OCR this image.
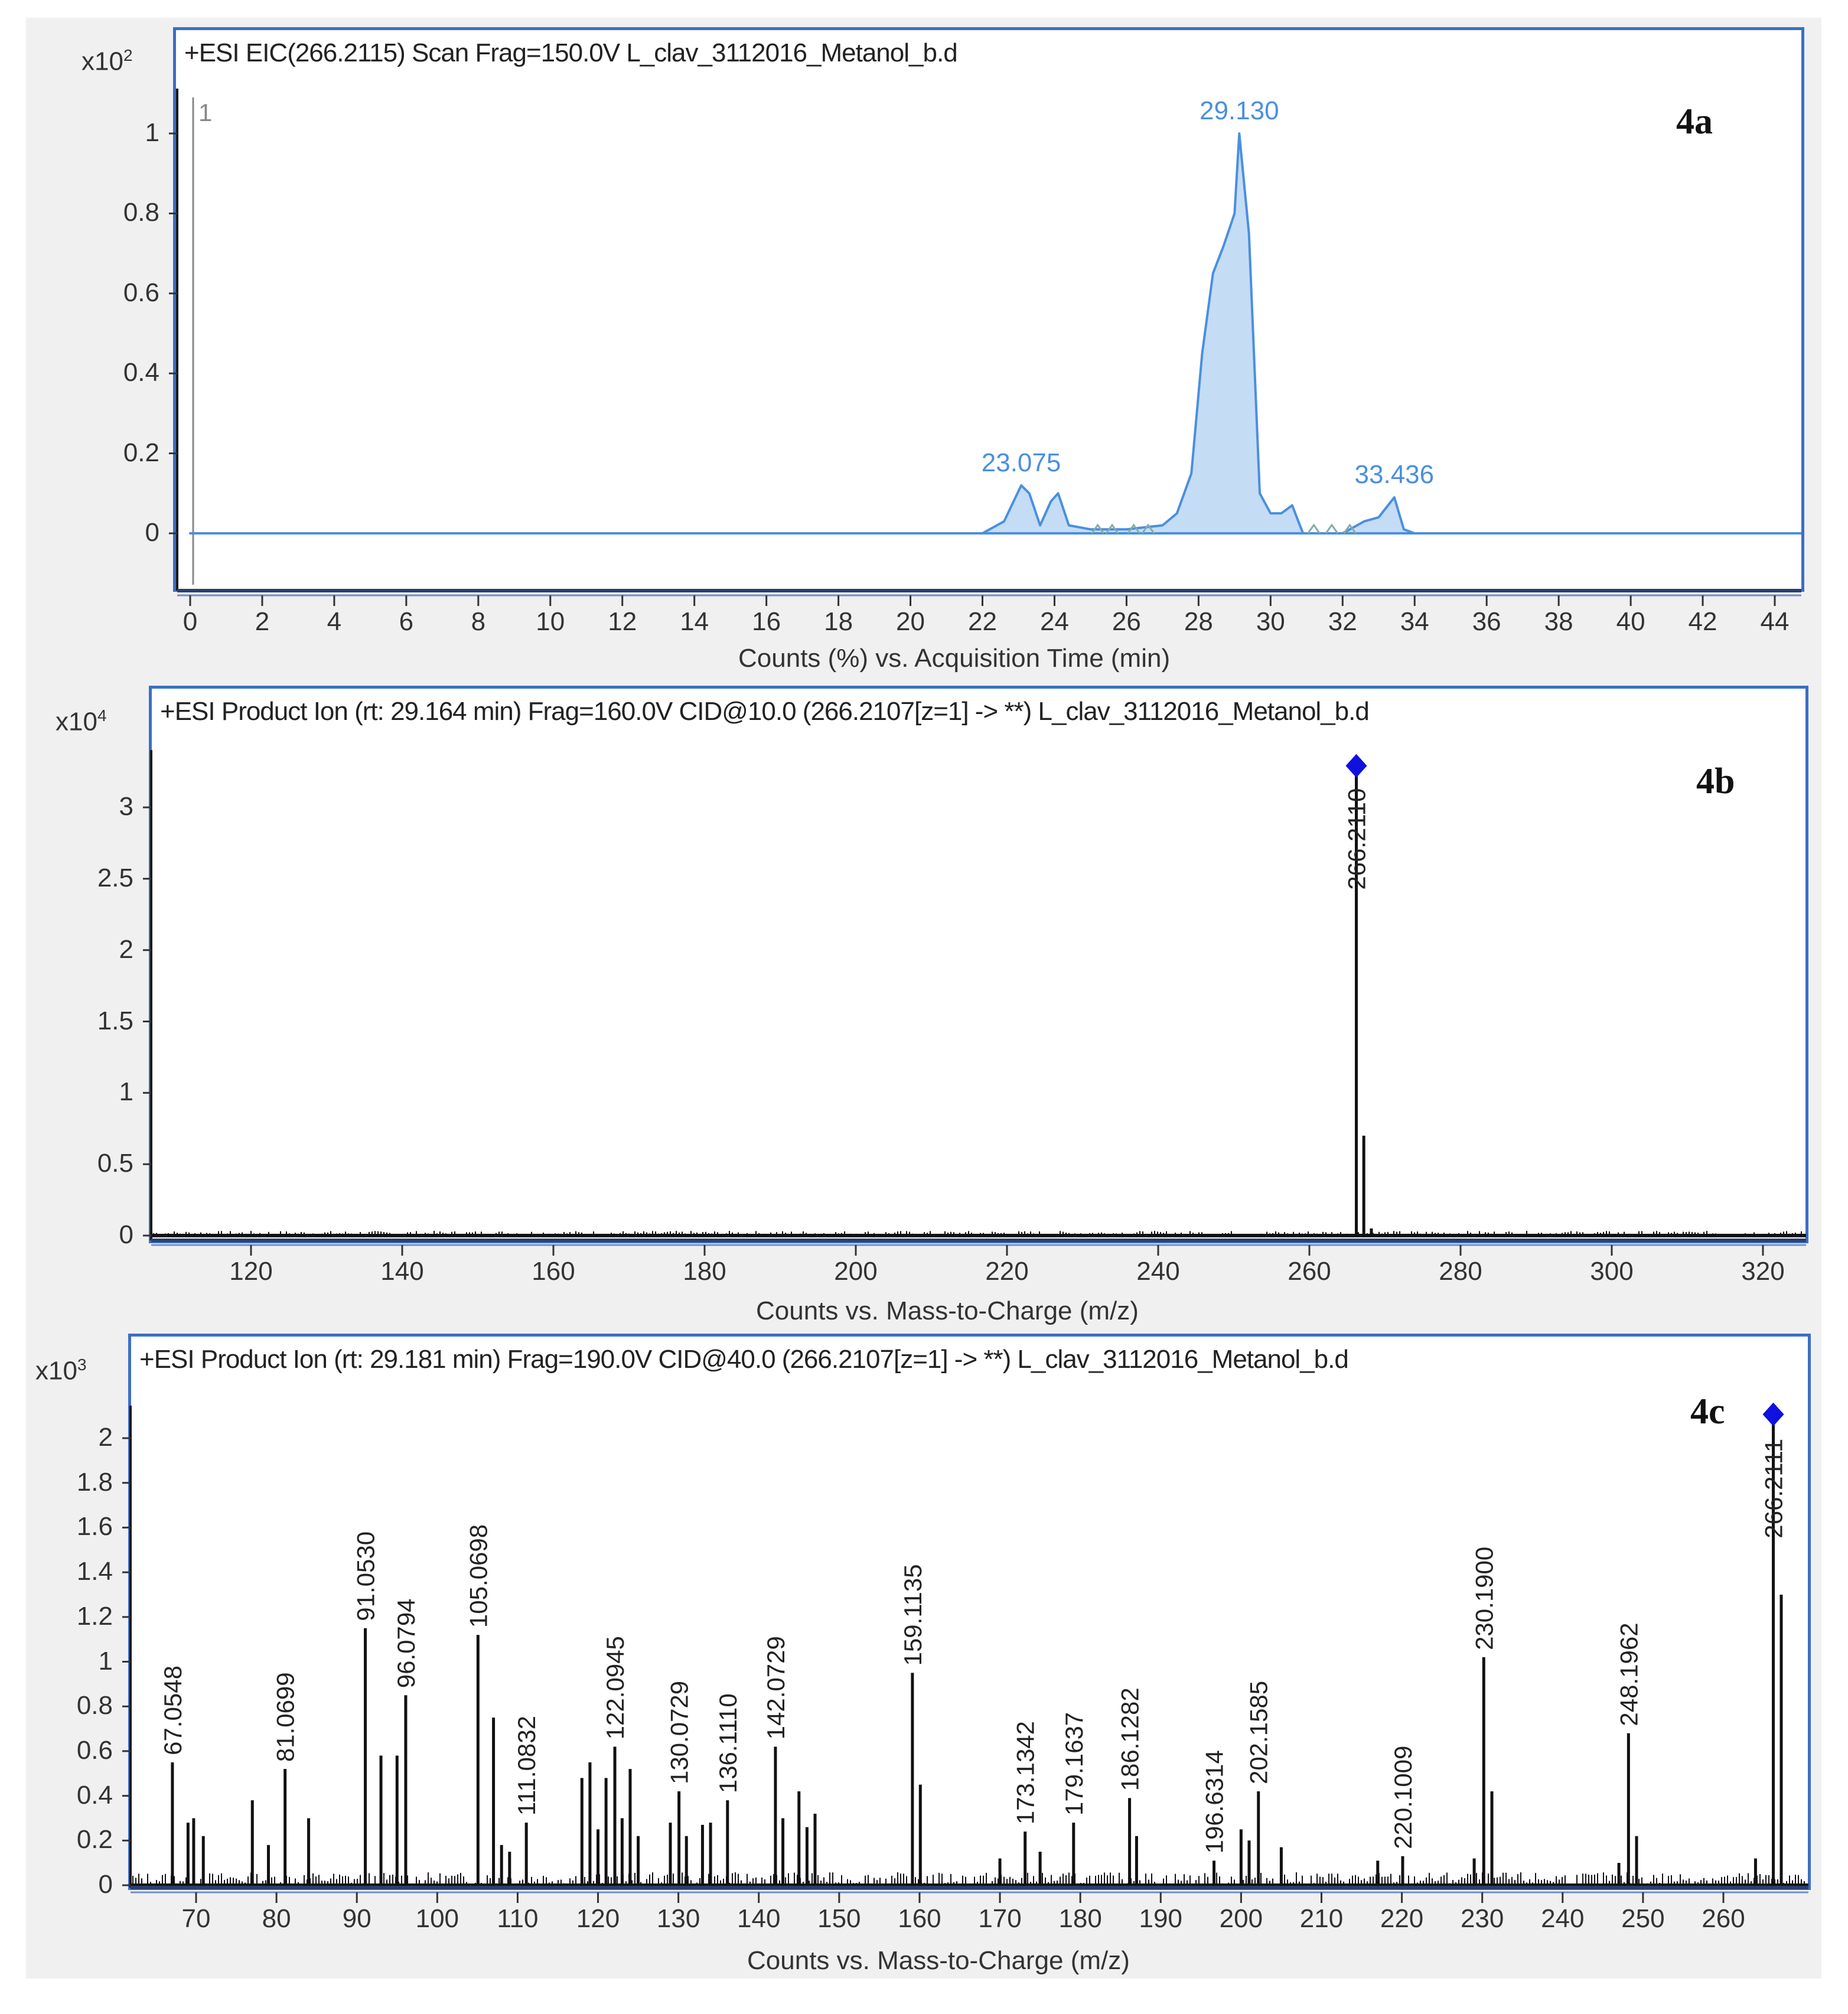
$x10^2 +ESI$ EIC(266.2115) Scan Frag=150.0V L_clav_3112016_Metanol_b.d
4a
1
23.075
29.130
33.436
1
0.8
0.6
0.4
0.2
0
0	2	4	6	8	10	12	14	16	18	20	22	24	26	28	30	32	34	36	38	40	42	44
Counts (%) vs. Acquisition Time (min)
$x10^4 +ESI$ Product Ion (rt: 29.164 min) Frag=160.0V CID@10.0 (266.2107[z=1] -> **) L_clav_3112016_Metanol_b.d
4b
266.2110
3
2.5
2
1.5
1
0.5
0
120	140	160	180	200	220	240	260	280	300	320
Counts vs. Mass-to-Charge (m/z)
$x10^3 +ESI$ Product Ion (rt: 29.181 min) Frag=190.0V CID@40.0 (266.2107[z=1] -> **) L_clav_3112016_Metanol_b.d
4c
67.0548	81.0699
91.0530
96.0794
105.0698
111.0832
122.0945 130.0729 136.1110
142.0729
159.1135
173.1342 179.1637 186.1282
196.6314
202.1585
220.1009
230.1900
248.1962
266.2111
2
1.8
1.6
1.4
1.2
1
0.8
0.6
0.4
0.2
0
70	80	90	100	110	120	130	140	150	160	170	180	190	200	210	220	230	240	250	260
Counts vs. Mass-to-Charge (m/z)
